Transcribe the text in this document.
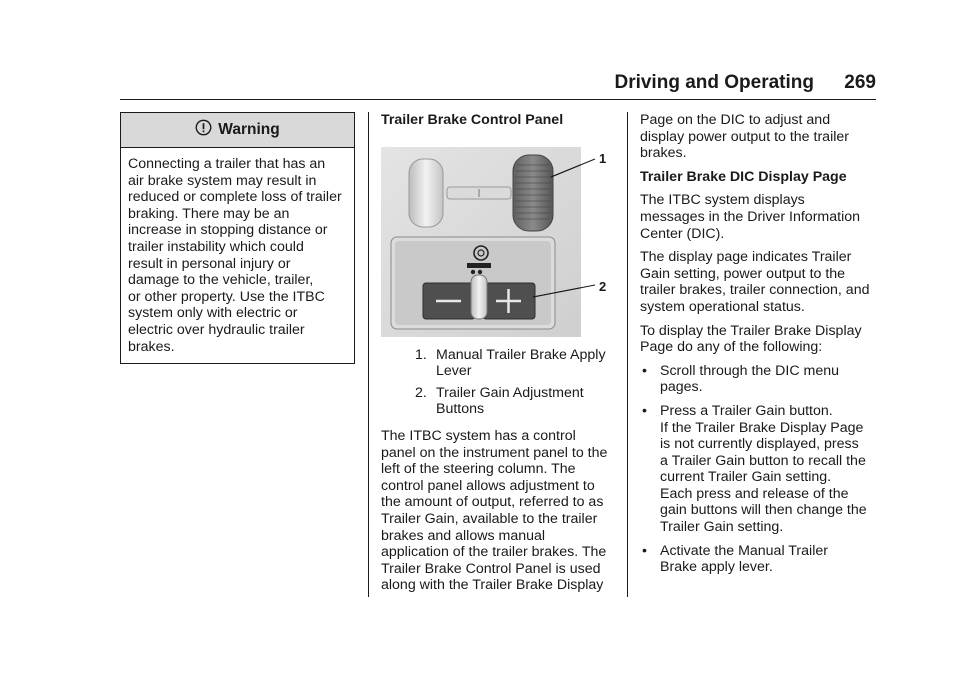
Driving and Operating 269
Warning
Connecting a trailer that has an
air brake system may result in
reduced or complete loss of trailer
braking. There may be an
increase in stopping distance or
trailer instability which could
result in personal injury or
damage to the vehicle, trailer,
or other property. Use the ITBC
system only with electric or
electric over hydraulic trailer
brakes.
Trailer Brake Control Panel
1
2
1. Manual Trailer Brake Apply
Lever
2. Trailer Gain Adjustment
Buttons
The ITBC system has a control
panel on the instrument panel to the
left of the steering column. The
control panel allows adjustment to
the amount of output, referred to as
Trailer Gain, available to the trailer
brakes and allows manual
application of the trailer brakes. The
Trailer Brake Control Panel is used
along with the Trailer Brake Display
Page on the DIC to adjust and
display power output to the trailer
brakes.
Trailer Brake DIC Display Page
The ITBC system displays
messages in the Driver Information
Center (DIC).
The display page indicates Trailer
Gain setting, power output to the
trailer brakes, trailer connection, and
system operational status.
To display the Trailer Brake Display
Page do any of the following:
• Scroll through the DIC menu
pages.
• Press a Trailer Gain button.
If the Trailer Brake Display Page
is not currently displayed, press
a Trailer Gain button to recall the
current Trailer Gain setting.
Each press and release of the
gain buttons will then change the
Trailer Gain setting.
• Activate the Manual Trailer
Brake apply lever.
